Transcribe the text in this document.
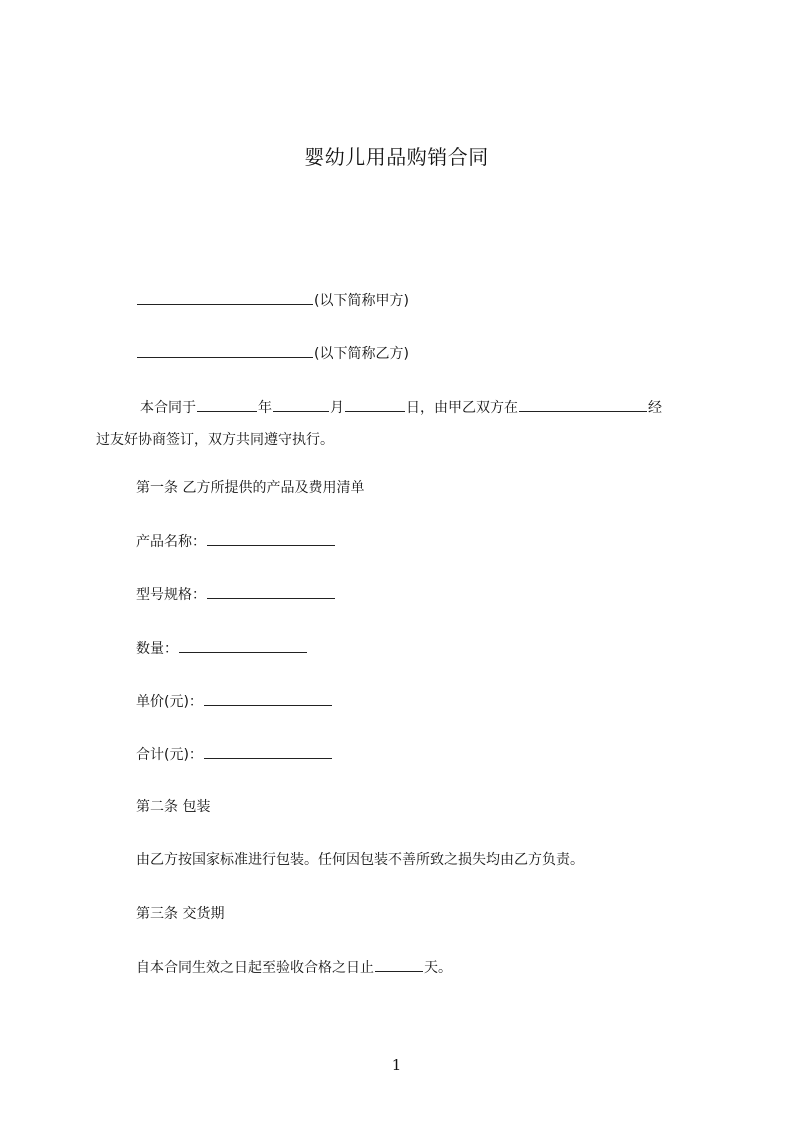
婴幼儿用品购销合同
(以下简称甲方)
(以下简称乙方)
本合同于	年	月	日，由甲乙双方在	经
过友好协商签订，双方共同遵守执行。
第一条 乙方所提供的产品及费用清单
产品名称：
型号规格：
数量：
单价(元)：
合计(元)：
第二条 包装
由乙方按国家标准进行包装。任何因包装不善所致之损失均由乙方负责。
第三条 交货期
自本合同生效之日起至验收合格之日止	天。
1
